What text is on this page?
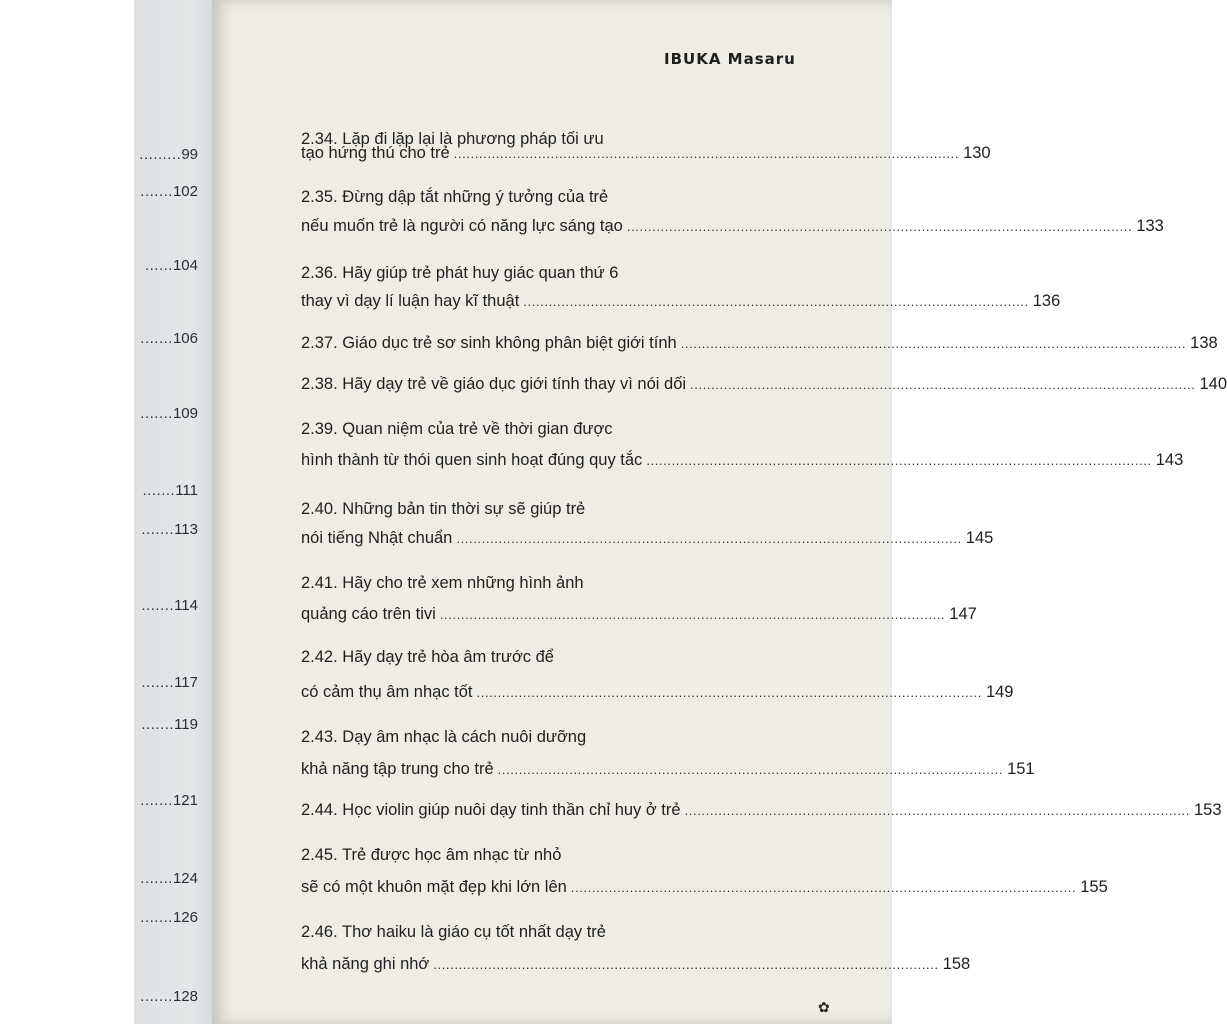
.........99
.......102
......104
.......106
.......109
.......111
.......113
.......114
.......117
.......119
.......121
.......124
.......126
.......128
IBUKA Masaru
2.34. Lặp đi lặp lại là phương pháp tối ưu
tạo hứng thú cho trẻ ........................................................................................................................ 130
2.35. Đừng dập tắt những ý tưởng của trẻ
nếu muốn trẻ là người có năng lực sáng tạo ........................................................................................................................ 133
2.36. Hãy giúp trẻ phát huy giác quan thứ 6
thay vì dạy lí luận hay kĩ thuật ........................................................................................................................ 136
2.37. Giáo dục trẻ sơ sinh không phân biệt giới tính ........................................................................................................................ 138
2.38. Hãy dạy trẻ về giáo dục giới tính thay vì nói dối ........................................................................................................................ 140
2.39. Quan niệm của trẻ về thời gian được
hình thành từ thói quen sinh hoạt đúng quy tắc ........................................................................................................................ 143
2.40. Những bản tin thời sự sẽ giúp trẻ
nói tiếng Nhật chuẩn ........................................................................................................................ 145
2.41. Hãy cho trẻ xem những hình ảnh
quảng cáo trên tivi ........................................................................................................................ 147
2.42. Hãy dạy trẻ hòa âm trước để
có cảm thụ âm nhạc tốt ........................................................................................................................ 149
2.43. Dạy âm nhạc là cách nuôi dưỡng
khả năng tập trung cho trẻ ........................................................................................................................ 151
2.44. Học violin giúp nuôi dạy tinh thần chỉ huy ở trẻ ........................................................................................................................ 153
2.45. Trẻ được học âm nhạc từ nhỏ
sẽ có một khuôn mặt đẹp khi lớn lên ........................................................................................................................ 155
2.46. Thơ haiku là giáo cụ tốt nhất dạy trẻ
khả năng ghi nhớ ........................................................................................................................ 158
✿
